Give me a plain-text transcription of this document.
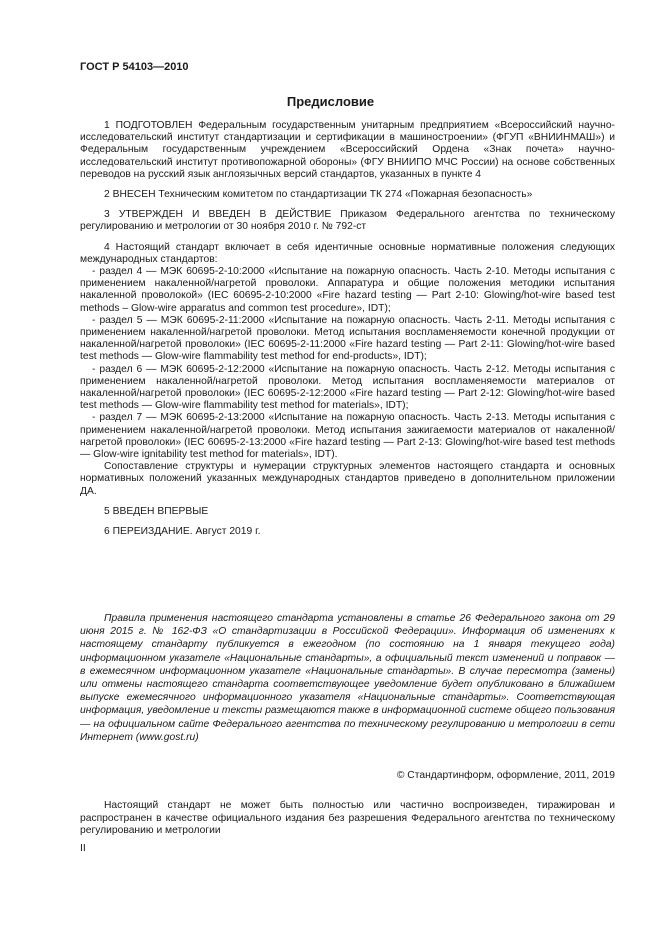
ГОСТ Р 54103—2010
Предисловие

1 ПОДГОТОВЛЕН Федеральным государственным унитарным предприятием «Всероссийский научно-исследовательский институт стандартизации и сертификации в машиностроении» (ФГУП «ВНИИНМАШ») и Федеральным государственным учреждением «Всероссийский Ордена «Знак почета» научно-исследовательский институт противопожарной обороны» (ФГУ ВНИИПО МЧС России) на основе собственных переводов на русский язык англоязычных версий стандартов, указанных в пункте 4

2 ВНЕСЕН Техническим комитетом по стандартизации ТК 274 «Пожарная безопасность»

3 УТВЕРЖДЕН И ВВЕДЕН В ДЕЙСТВИЕ Приказом Федерального агентства по техническому регулированию и метрологии от 30 ноября 2010 г. № 792-ст

4 Настоящий стандарт включает в себя идентичные основные нормативные положения следующих международных стандартов:

- раздел 4 — МЭК 60695-2-10:2000 «Испытание на пожарную опасность. Часть 2-10. Методы испытания с применением накаленной/нагретой проволоки. Аппаратура и общие положения методики испытания накаленной проволокой» (IEC 60695-2-10:2000 «Fire hazard testing — Part 2-10: Glowing/hot-wire based test methods – Glow-wire apparatus and common test procedure», IDT);

- раздел 5 — МЭК 60695-2-11:2000 «Испытание на пожарную опасность. Часть 2-11. Методы испытания с применением накаленной/нагретой проволоки. Метод испытания воспламеняемости конечной продукции от накаленной/нагретой проволоки» (IEC 60695-2-11:2000 «Fire hazard testing — Part 2-11: Glowing/hot-wire based test methods — Glow-wire flammability test method for end-products», IDT);

- раздел 6 — МЭК 60695-2-12:2000 «Испытание на пожарную опасность. Часть 2-12. Методы испытания с применением накаленной/нагретой проволоки. Метод испытания воспламеняемости материалов от накаленной/нагретой проволоки» (IEC 60695-2-12:2000 «Fire hazard testing — Part 2-12: Glowing/hot-wire based test methods — Glow-wire flammability test method for materials», IDT);

- раздел 7 — МЭК 60695-2-13:2000 «Испытание на пожарную опасность. Часть 2-13. Методы испытания с применением накаленной/нагретой проволоки. Метод испытания зажигаемости материалов от накаленной/нагретой проволоки» (IEC 60695-2-13:2000 «Fire hazard testing — Part 2-13: Glowing/hot-wire based test methods — Glow-wire ignitability test method for materials», IDT).

Сопоставление структуры и нумерации структурных элементов настоящего стандарта и основных нормативных положений указанных международных стандартов приведено в дополнительном приложении ДА.

5 ВВЕДЕН ВПЕРВЫЕ

6 ПЕРЕИЗДАНИЕ. Август 2019 г.

Правила применения настоящего стандарта установлены в статье 26 Федерального закона от 29 июня 2015 г. № 162-ФЗ «О стандартизации в Российской Федерации». Информация об изменениях к настоящему стандарту публикуется в ежегодном (по состоянию на 1 января текущего года) информационном указателе «Национальные стандарты», а официальный текст изменений и поправок — в ежемесячном информационном указателе «Национальные стандарты». В случае пересмотра (замены) или отмены настоящего стандарта соответствующее уведомление будет опубликовано в ближайшем выпуске ежемесячного информационного указателя «Национальные стандарты». Соответствующая информация, уведомление и тексты размещаются также в информационной системе общего пользования — на официальном сайте Федерального агентства по техническому регулированию и метрологии в сети Интернет (www.gost.ru)

© Стандартинформ, оформление, 2011, 2019

Настоящий стандарт не может быть полностью или частично воспроизведен, тиражирован и распространен в качестве официального издания без разрешения Федерального агентства по техническому регулированию и метрологии

II
